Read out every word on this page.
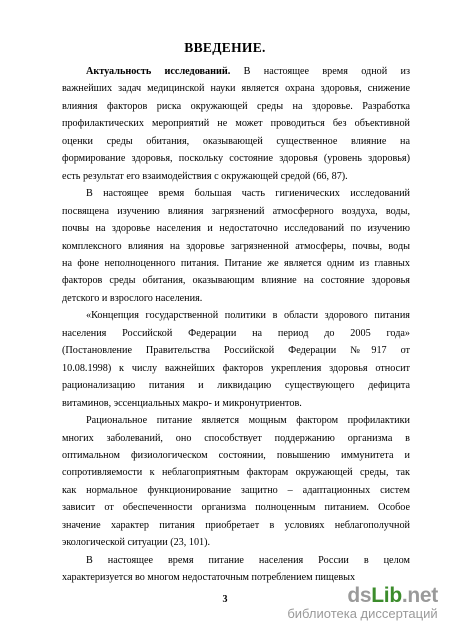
ВВЕДЕНИЕ.

Актуальность исследований. В настоящее время одной из
важнейших задач медицинской науки является охрана здоровья, снижение
влияния факторов риска окружающей среды на здоровье. Разработка
профилактических мероприятий не может проводиться без объективной
оценки среды обитания, оказывающей существенное влияние на
формирование здоровья, поскольку состояние здоровья (уровень здоровья)
есть результат его взаимодействия с окружающей средой (66, 87).

В настоящее время большая часть гигиенических исследований
посвящена изучению влияния загрязнений атмосферного воздуха, воды,
почвы на здоровье населения и недостаточно исследований по изучению
комплексного влияния на здоровье загрязненной атмосферы, почвы, воды
на фоне неполноценного питания. Питание же является одним из главных
факторов среды обитания, оказывающим влияние на состояние здоровья
детского и взрослого населения.

«Концепция государственной политики в области здорового питания
населения Российской Федерации на период до 2005 года»
(Постановление Правительства Российской Федерации №917 от
10.08.1998) к числу важнейших факторов укрепления здоровья относит
рационализацию питания и ликвидацию существующего дефицита
витаминов, эссенциальных макро- и микронутриентов.

Рациональное питание является мощным фактором профилактики
многих заболеваний, оно способствует поддержанию организма в
оптимальном физиологическом состоянии, повышению иммунитета и
сопротивляемости к неблагоприятным факторам окружающей среды, так
как нормальное функционирование защитно – адаптационных систем
зависит от обеспеченности организма полноценным питанием. Особое
значение характер питания приобретает в условиях неблагополучной
экологической ситуации (23, 101).

В настоящее время питание населения России в целом
характеризуется во многом недостаточным потреблением пищевых

3	dsLib.net
библиотека диссертаций
